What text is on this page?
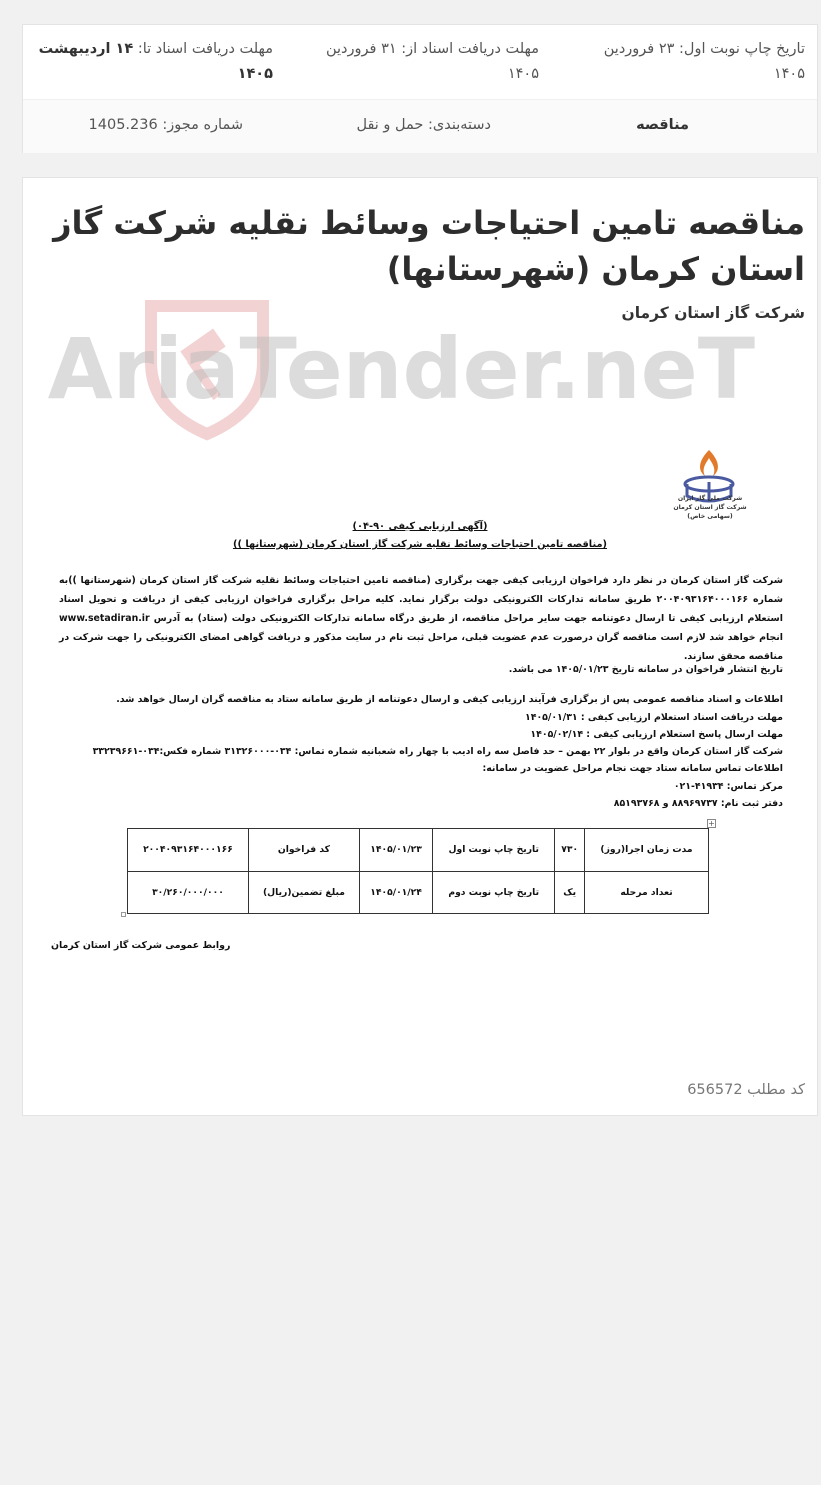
تاریخ چاپ نوبت اول: ۲۳ فروردین ۱۴۰۵
مهلت دریافت اسناد از: ۳۱ فروردین ۱۴۰۵
مهلت دریافت اسناد تا: ۱۴ اردیبهشت ۱۴۰۵
مناقصه
دسته‌بندی: حمل و نقل
شماره مجوز: 1405.236
مناقصه تامین احتیاجات وسائط نقلیه شرکت گاز استان کرمان (شهرستانها)
شرکت گاز استان کرمان
AriaTender.neT
شرکت ملی گاز ایران
شرکت گاز استان کرمان
(سهامی خاص)
(آگهی ارزیابی کیفی ۹۰-۰۴)
(مناقصه تامین احتیاجات وسائط نقلیه شرکت گاز استان کرمان (شهرستانها ))
شرکت گاز استان کرمان در نظر دارد فراخوان ارزیابی کیفی جهت برگزاری (مناقصه تامین احتیاجات وسائط نقلیه شرکت گاز استان کرمان (شهرستانها ))به شماره ۲۰۰۴۰۹۳۱۶۴۰۰۰۱۶۶ طریق سامانه تدارکات الکترونیکی دولت برگزار نماید. کلیه مراحل برگزاری فراخوان ارزیابی کیفی از دریافت و تحویل اسناد استعلام ارزیابی کیفی تا ارسال دعوتنامه جهت سایر مراحل مناقصه، از طریق درگاه سامانه تدارکات الکترونیکی دولت (ستاد) به آدرس www.setadiran.ir انجام خواهد شد لازم است مناقصه گران درصورت عدم عضویت قبلی، مراحل ثبت نام در سایت مذکور و دریافت گواهی امضای الکترونیکی را جهت شرکت در مناقصه محقق سازند.
تاریخ انتشار فراخوان در سامانه تاریخ ۱۴۰۵/۰۱/۲۳ می باشد.
اطلاعات و اسناد مناقصه عمومی پس از برگزاری فرآیند ارزیابی کیفی و ارسال دعوتنامه از طریق سامانه ستاد به مناقصه گران ارسال خواهد شد.
مهلت دریافت اسناد استعلام ارزیابی کیفی : ۱۴۰۵/۰۱/۳۱
مهلت ارسال پاسخ استعلام ارزیابی کیفی : ۱۴۰۵/۰۲/۱۴
شرکت گاز استان کرمان واقع در بلوار ۲۲ بهمن – حد فاصل سه راه ادیب با چهار راه شعبانیه شماره تماس: ۰۳۴-۳۱۳۲۶۰۰۰ شماره فکس:۰۳۴-۳۳۲۳۹۶۶۱
اطلاعات تماس سامانه ستاد جهت نجام مراحل عضویت در سامانه:
مرکز تماس: ۴۱۹۳۴-۰۲۱
دفتر ثبت نام: ۸۸۹۶۹۷۳۷ و ۸۵۱۹۳۷۶۸
+
مدت زمان اجرا(روز)	۷۳۰	تاریخ چاپ نوبت اول	۱۴۰۵/۰۱/۲۳	کد فراخوان	۲۰۰۴۰۹۳۱۶۴۰۰۰۱۶۶
تعداد مرحله	یک	تاریخ چاپ نوبت دوم	۱۴۰۵/۰۱/۲۴	مبلغ تضمین(ریال)	۳۰/۲۶۰/۰۰۰/۰۰۰
روابط عمومی شرکت گاز استان کرمان
کد مطلب 656572
